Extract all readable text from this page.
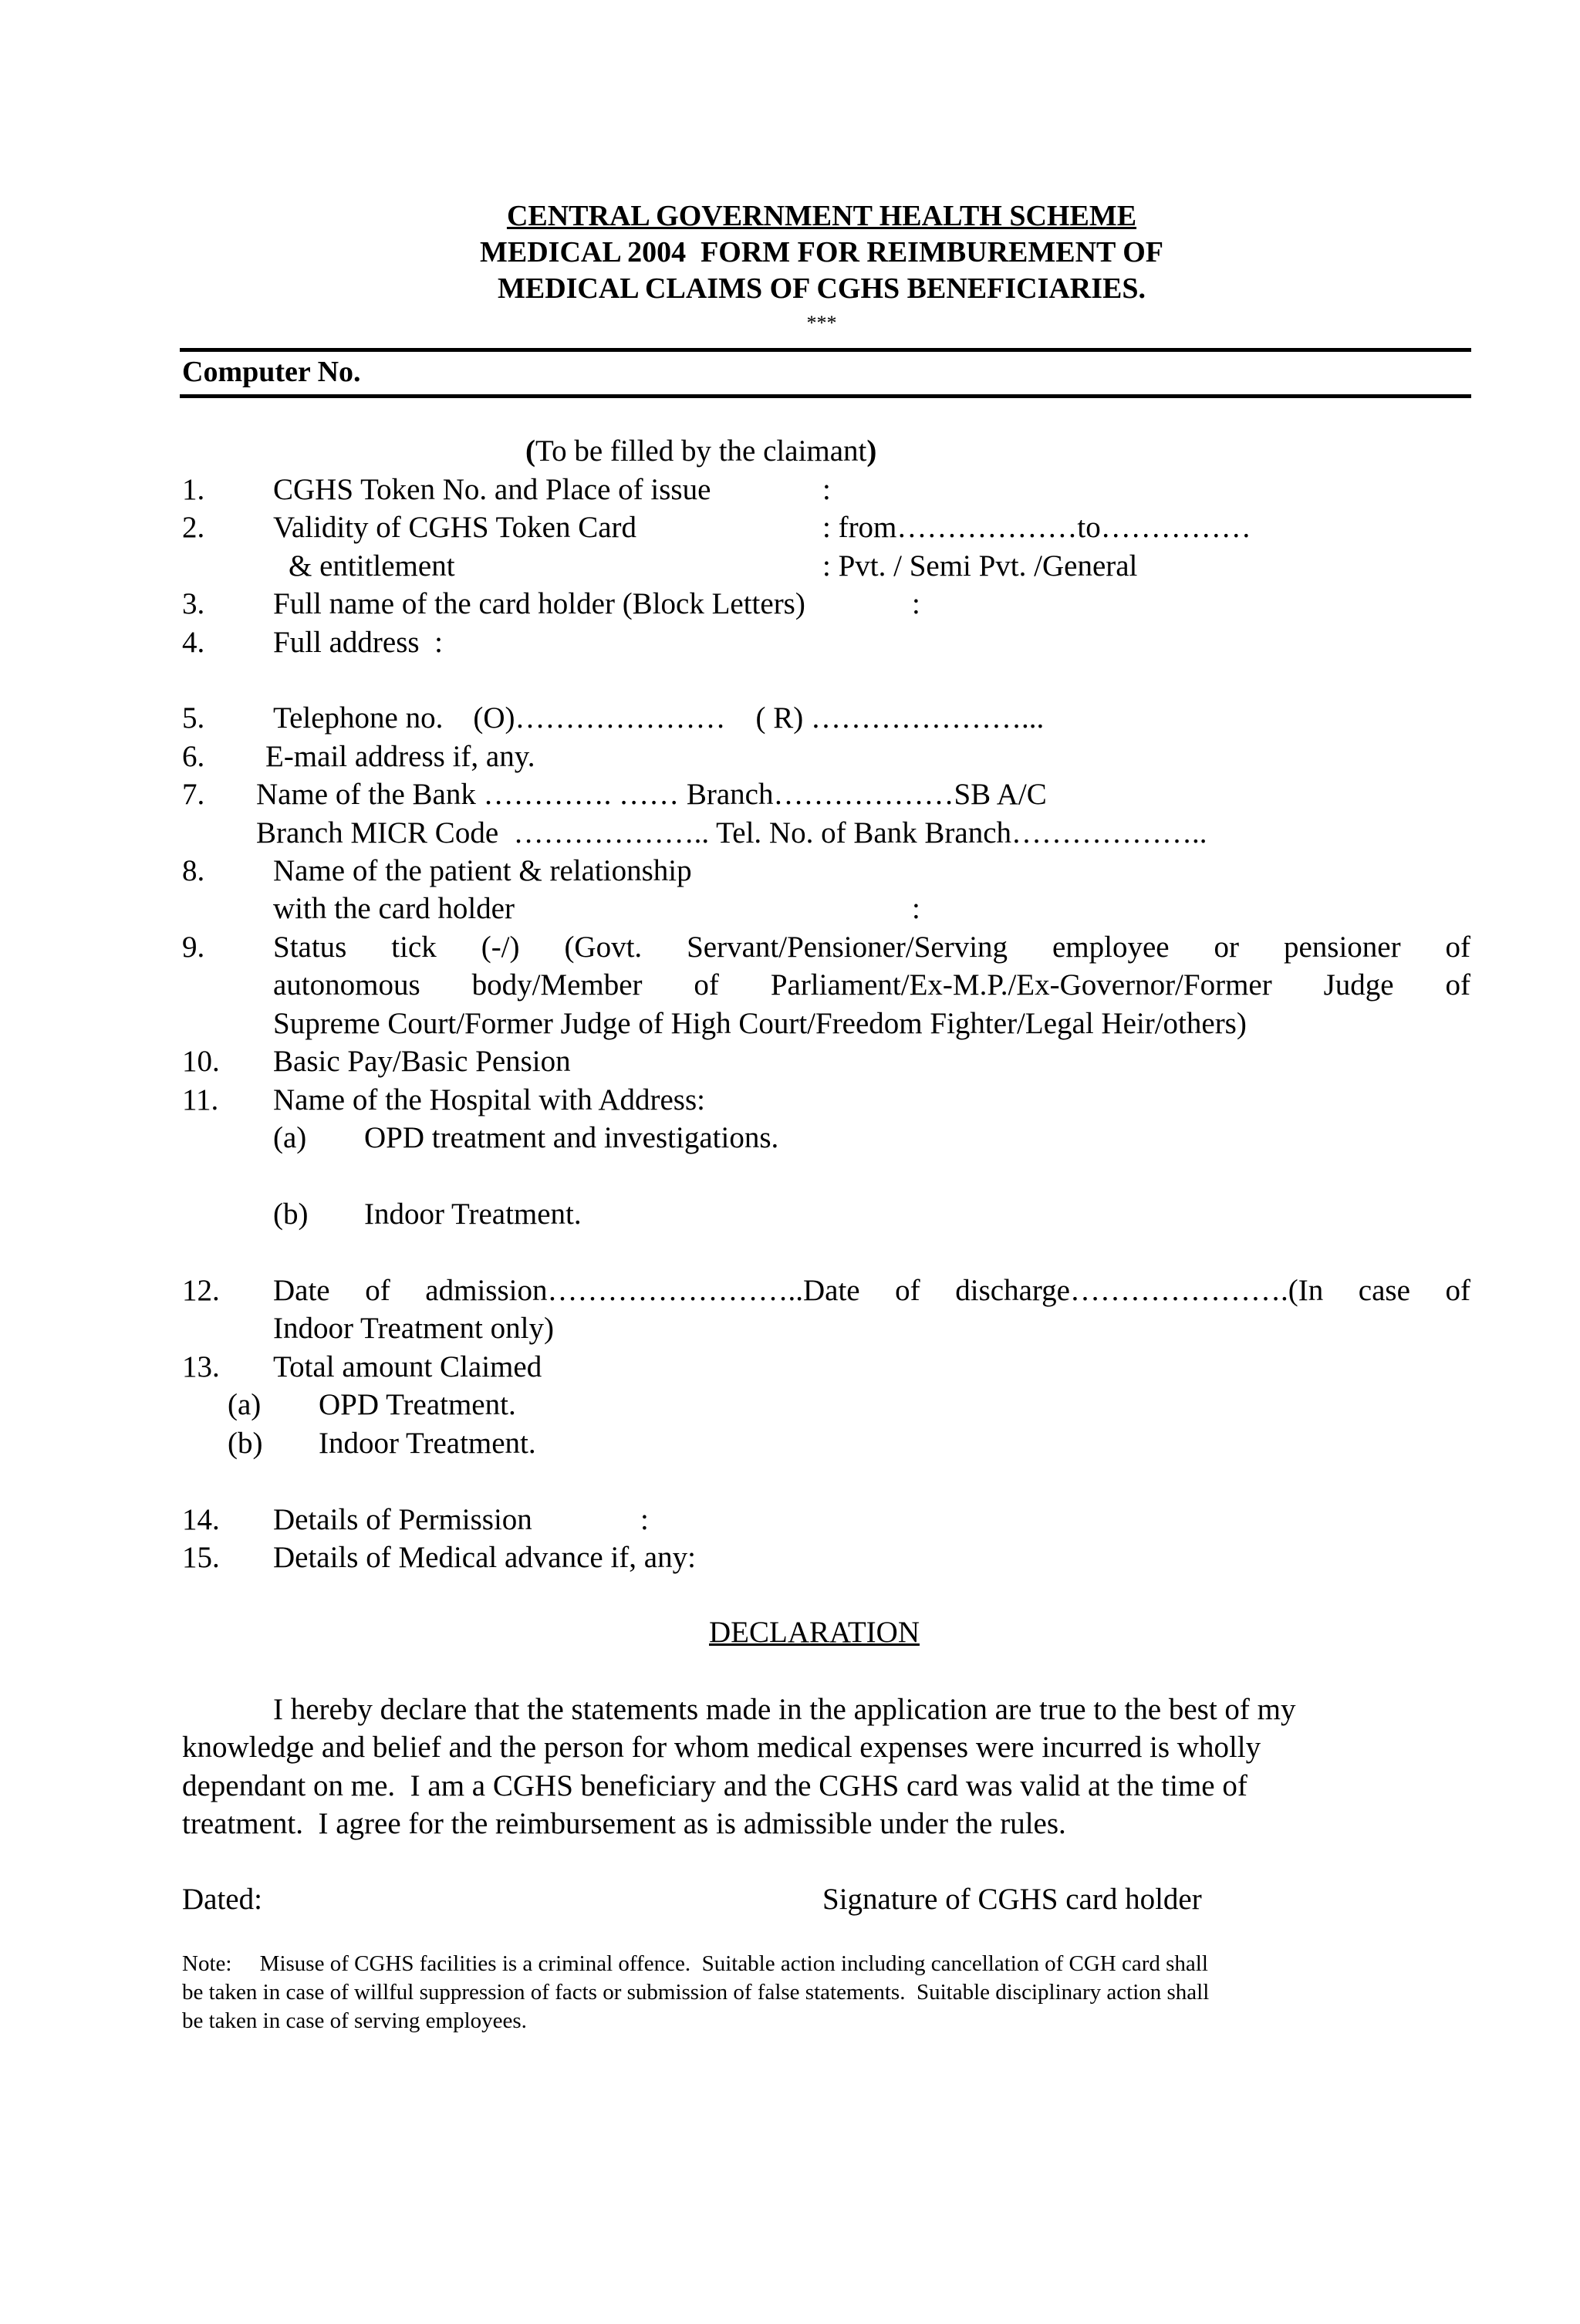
CENTRAL GOVERNMENT HEALTH SCHEME
MEDICAL 2004  FORM FOR REIMBUREMENT OF
MEDICAL CLAIMS OF CGHS BENEFICIARIES.
***
Computer No.
(To be filled by the claimant)
1. CGHS Token No. and Place of issue	:
2. Validity of CGHS Token Card	: from………………to……………
& entitlement	: Pvt. / Semi Pvt. /General
3. Full name of the card holder (Block Letters)	:
4. Full address  :
5. Telephone no.    (O)…………………    ( R) …………………...
6. E-mail address if, any.
7. Name of the Bank …………. …… Branch………………SB A/C
Branch MICR Code  ……………….. Tel. No. of Bank Branch………………..
8. Name of the patient & relationship
with the card holder	:
9. Status tick (-/) (Govt. Servant/Pensioner/Serving employee or pensioner of
autonomous body/Member of Parliament/Ex-M.P./Ex-Governor/Former Judge of
Supreme Court/Former Judge of High Court/Freedom Fighter/Legal Heir/others)
10. Basic Pay/Basic Pension
11. Name of the Hospital with Address:
(a) OPD treatment and investigations.
(b) Indoor Treatment.
12. Date of admission……………………..Date of discharge………………….(In case of
Indoor Treatment only)
13. Total amount Claimed
(a) OPD Treatment.
(b) Indoor Treatment.
14. Details of Permission	:
15. Details of Medical advance if, any:
DECLARATION
I hereby declare that the statements made in the application are true to the best of my
knowledge and belief and the person for whom medical expenses were incurred is wholly
dependant on me.  I am a CGHS beneficiary and the CGHS card was valid at the time of
treatment.  I agree for the reimbursement as is admissible under the rules.
Dated:	Signature of CGHS card holder
Note:     Misuse of CGHS facilities is a criminal offence.  Suitable action including cancellation of CGH card shall
be taken in case of willful suppression of facts or submission of false statements.  Suitable disciplinary action shall
be taken in case of serving employees.
